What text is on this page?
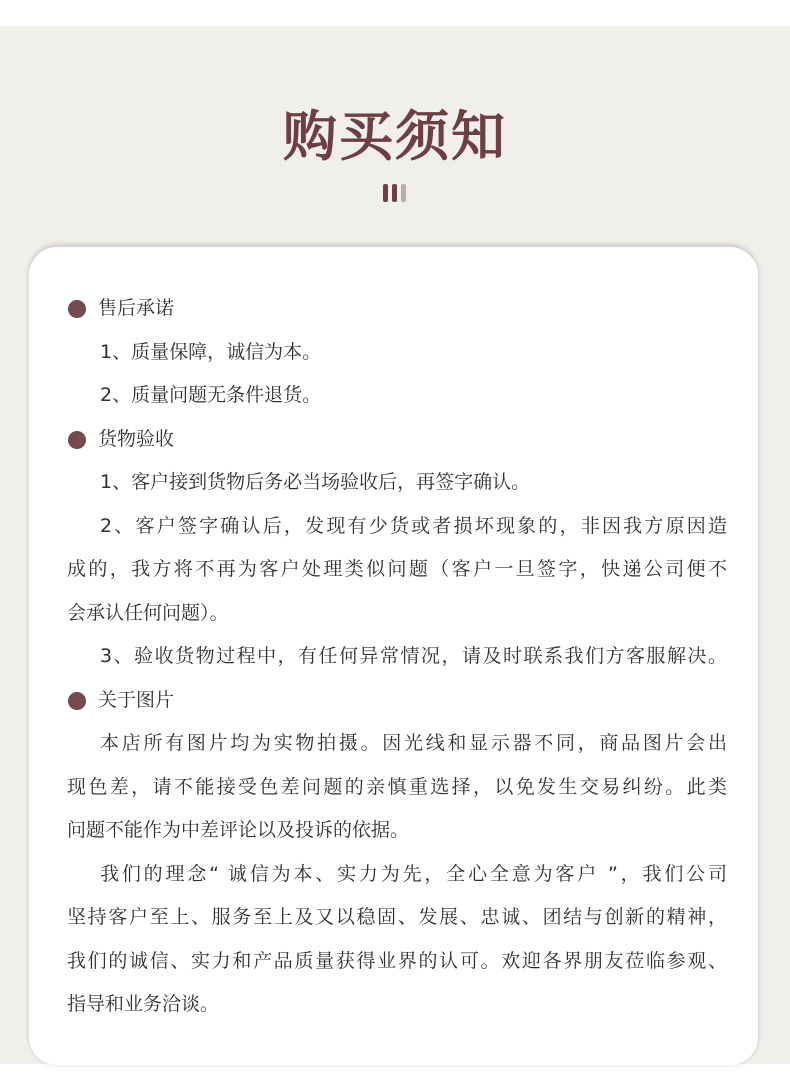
购买须知
售后承诺
1、质量保障，诚信为本。
2、质量问题无条件退货。
货物验收
1、客户接到货物后务必当场验收后，再签字确认。
2、客户签字确认后，发现有少货或者损坏现象的，非因我方原因造
成的，我方将不再为客户处理类似问题（客户一旦签字，快递公司便不
会承认任何问题）。
3、验收货物过程中，有任何异常情况，请及时联系我们方客服解决。
关于图片
本店所有图片均为实物拍摄。因光线和显示器不同，商品图片会出
现色差，请不能接受色差问题的亲慎重选择，以免发生交易纠纷。此类
问题不能作为中差评论以及投诉的依据。
我们的理念“ 诚信为本、实力为先，全心全意为客户 ”，我们公司
坚持客户至上、服务至上及又以稳固、发展、忠诚、团结与创新的精神，
我们的诚信、实力和产品质量获得业界的认可。欢迎各界朋友莅临参观、
指导和业务洽谈。
